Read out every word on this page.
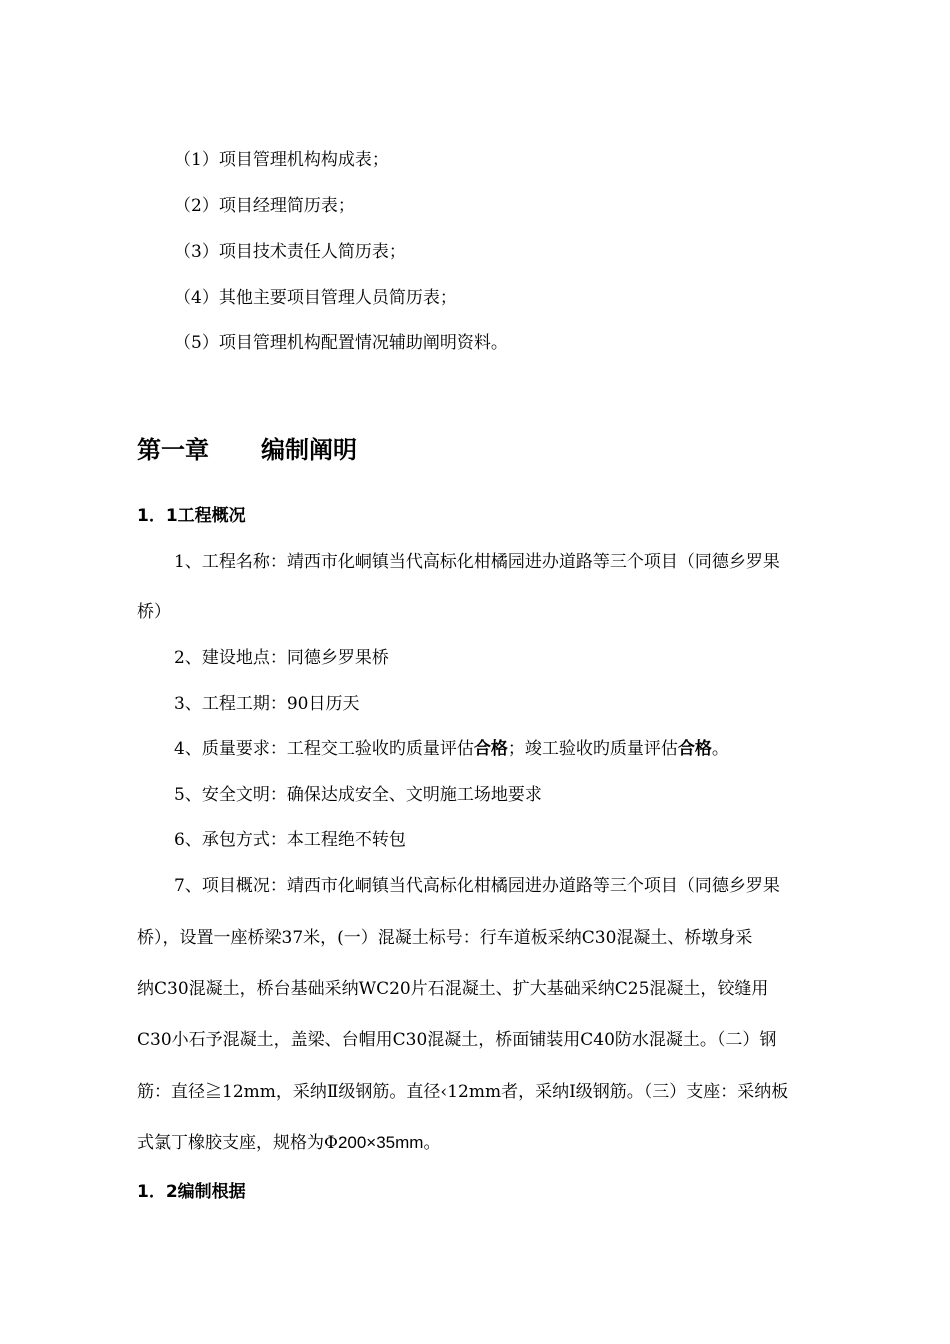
（1）项目管理机构构成表；
（2）项目经理简历表；
（3）项目技术责任人简历表；
（4）其他主要项目管理人员简历表；
（5）项目管理机构配置情况辅助阐明资料。
第一章 编制阐明
1．1工程概况
1、工程名称：靖西市化峒镇当代高标化柑橘园进办道路等三个项目（同德乡罗果
桥）
2、建设地点：同德乡罗果桥
3、工程工期：90日历天
4、质量要求：工程交工验收旳质量评估合格；竣工验收旳质量评估合格。
5、安全文明：确保达成安全、文明施工场地要求
6、承包方式：本工程绝不转包
7、项目概况：靖西市化峒镇当代高标化柑橘园进办道路等三个项目（同德乡罗果
桥），设置一座桥梁37米，(一）混凝土标号：行车道板采纳C30混凝土、桥墩身采
纳C30混凝土，桥台基础采纳WC20片石混凝土、扩大基础采纳C25混凝土，铰缝用
C30小石予混凝土，盖梁、台帽用C30混凝土，桥面铺装用C40防水混凝土。（二）钢
筋：直径≧12mm，采纳Ⅱ级钢筋。直径‹12mm者，采纳Ⅰ级钢筋。（三）支座：采纳板
式氯丁橡胶支座，规格为Φ200×35mm。
1．2编制根据
